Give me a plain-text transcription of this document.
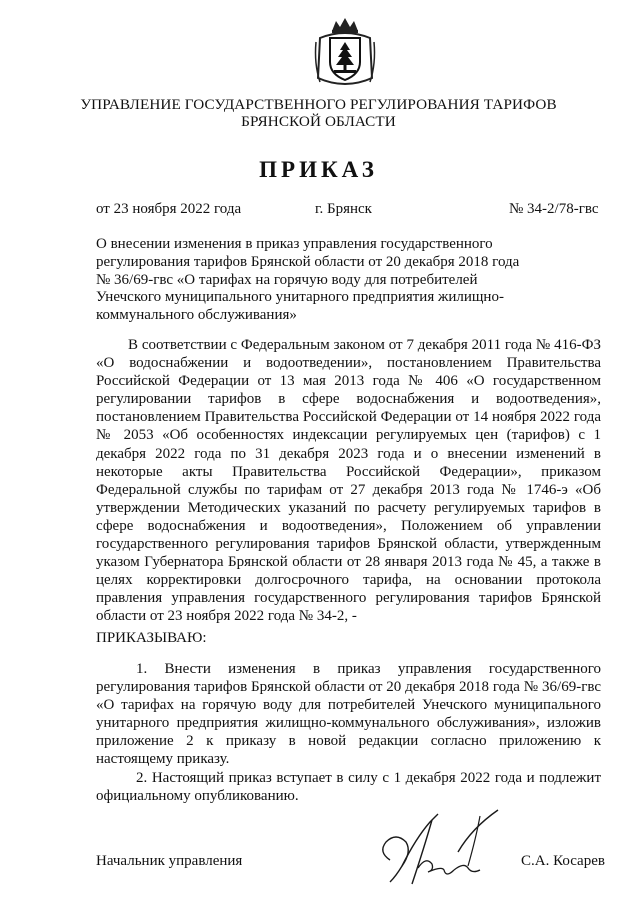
УПРАВЛЕНИЕ ГОСУДАРСТВЕННОГО РЕГУЛИРОВАНИЯ ТАРИФОВ
БРЯНСКОЙ ОБЛАСТИ
ПРИКАЗ
от 23 ноября 2022 года	г. Брянск	№ 34-2/78-гвс
О внесении изменения в приказ управления государственного
регулирования тарифов Брянской области от 20 декабря 2018 года
№ 36/69-гвс «О тарифах на горячую воду для потребителей
Унечского муниципального унитарного предприятия жилищно-
коммунального обслуживания»

В соответствии с Федеральным законом от 7 декабря 2011 года № 416-ФЗ «О водоснабжении и водоотведении», постановлением Правительства Российской Федерации от 13 мая 2013 года № 406 «О государственном регулировании тарифов в сфере водоснабжения и водоотведения», постановлением Правительства Российской Федерации от 14 ноября 2022 года № 2053 «Об особенностях индексации регулируемых цен (тарифов) с 1 декабря 2022 года по 31 декабря 2023 года и о внесении изменений в некоторые акты Правительства Российской Федерации», приказом Федеральной службы по тарифам от 27 декабря 2013 года № 1746-э «Об утверждении Методических указаний по расчету регулируемых тарифов в сфере водоснабжения и водоотведения», Положением об управлении государственного регулирования тарифов Брянской области, утвержденным указом Губернатора Брянской области от 28 января 2013 года № 45, а также в целях корректировки долгосрочного тарифа, на основании протокола правления управления государственного регулирования тарифов Брянской области от 23 ноября 2022 года № 34-2, -

ПРИКАЗЫВАЮ:

1. Внести изменения в приказ управления государственного регулирования тарифов Брянской области от 20 декабря 2018 года № 36/69-гвс «О тарифах на горячую воду для потребителей Унечского муниципального унитарного предприятия жилищно-коммунального обслуживания», изложив приложение 2 к приказу в новой редакции согласно приложению к настоящему приказу.

2. Настоящий приказ вступает в силу с 1 декабря 2022 года и подлежит официальному опубликованию.

Начальник управления	С.А. Косарев
